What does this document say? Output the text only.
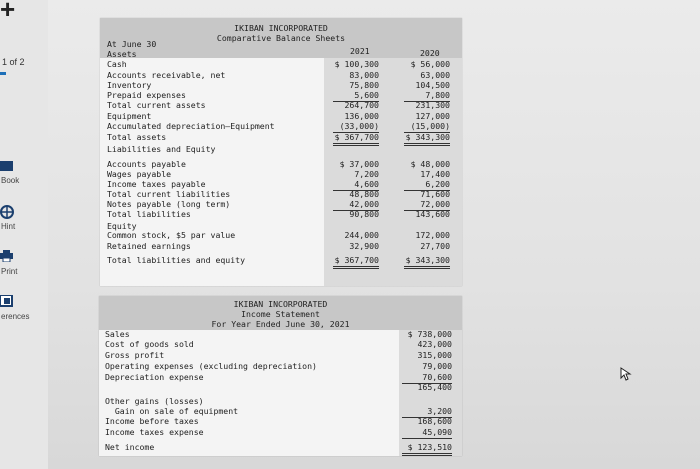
+
1 of 2
Book
Hint
Print
erences
IKIBAN INCORPORATED
Comparative Balance Sheets
At June 30
2021	2020
Assets
Cash	$ 100,300	$ 56,000
Accounts receivable, net	83,000	63,000
Inventory	75,800	104,500
Prepaid expenses	5,600	7,800
Total current assets	264,700	231,300
Equipment	136,000	127,000
Accumulated depreciation—Equipment	(33,000)	(15,000)
Total assets	$ 367,700	$ 343,300
Liabilities and Equity
Accounts payable	$ 37,000	$ 48,000
Wages payable	7,200	17,400
Income taxes payable	4,600	6,200
Total current liabilities	48,800	71,600
Notes payable (long term)	42,000	72,000
Total liabilities	90,800	143,600
Equity
Common stock, $5 par value	244,000	172,000
Retained earnings	32,900	27,700
Total liabilities and equity	$ 367,700	$ 343,300
IKIBAN INCORPORATED
Income Statement
For Year Ended June 30, 2021
Sales	$ 738,000
Cost of goods sold	423,000
Gross profit	315,000
Operating expenses (excluding depreciation)	79,000
Depreciation expense	70,600
165,400
Other gains (losses)
Gain on sale of equipment	3,200
Income before taxes	168,600
Income taxes expense	45,090
Net income	$ 123,510
